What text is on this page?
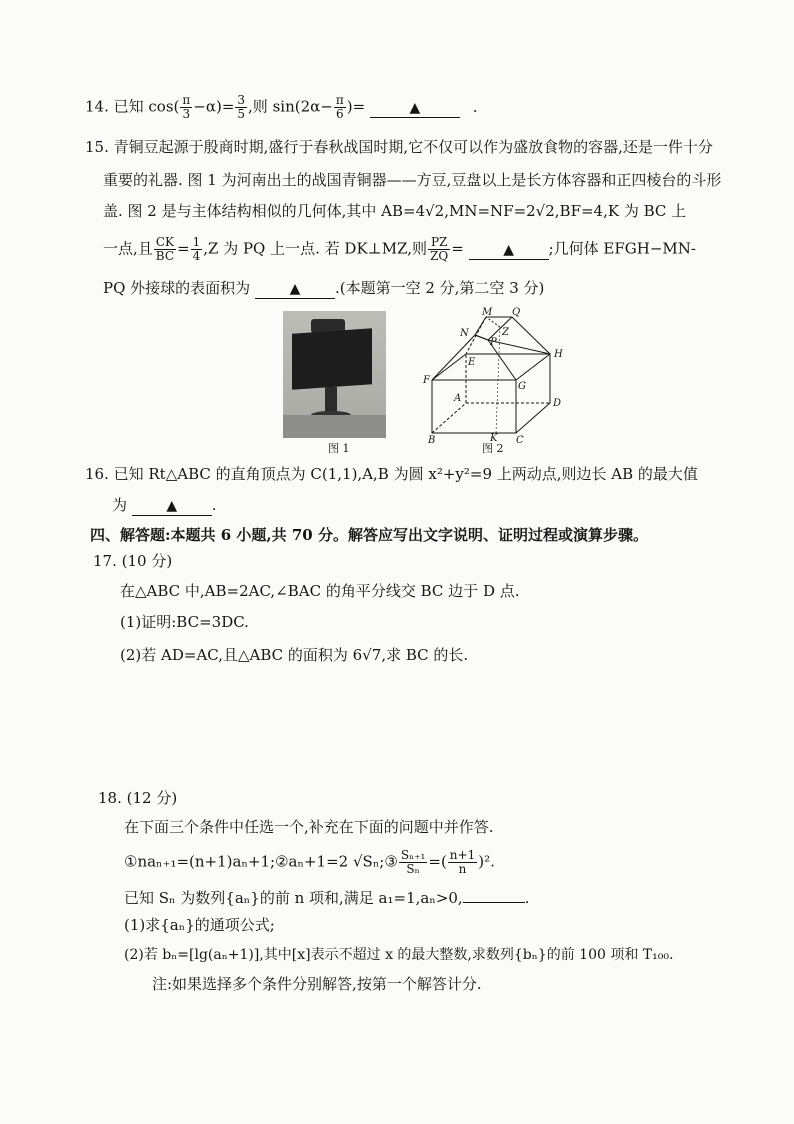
14. 已知 $\cos( \frac{\pi}{3} -\alpha)= \frac{3}{5}$ ,则 $\sin(2\alpha- \frac{\pi}{6}$ )=	▲	.
15. 青铜豆起源于殷商时期,盛行于春秋战国时期,它不仅可以作为盛放食物的容器,还是一件十分
重要的礼器. 图 1 为河南出土的战国青铜器——方豆,豆盘以上是长方体容器和正四棱台的斗形
盖. 图 2 是与主体结构相似的几何体,其中 AB=4√2,MN=NF=2√2,BF=4,K 为 BC 上
一点,且 $\frac{CK}{BC} = \frac{1}{4} ,Z$ 为 PQ 上一点. 若 DK⊥MZ,则 $\frac{PZ}{ZQ}$ =	▲ ;几何体 EFGH−MN-
PQ 外接球的表面积为	▲ .(本题第一空 2 分,第二空 3 分)
图 1
M Q
N
P
Z
H
E
F
G
A	D
B	K C
图 2
16. 已知 Rt△ABC 的直角顶点为 C(1,1),A,B 为圆 x²+y²=9 上两动点,则边长 AB 的最大值
为	▲ .
四、解答题:本题共 6 小题,共 70 分。解答应写出文字说明、证明过程或演算步骤。
17. (10 分)
在△ABC 中,AB=2AC,∠BAC 的角平分线交 BC 边于 D 点.
(1)证明:BC=3DC.
(2)若 AD=AC,且△ABC 的面积为 6√7,求 BC 的长.
18. (12 分)
在下面三个条件中任选一个,补充在下面的问题中并作答.
①naₙ₊₁=(n+1)aₙ+1;②aₙ+1=2 √Sₙ;③ $\frac{\text{Sₙ₊₁}}{\text{Sₙ}}$ =( $\frac{n+1}{n} )^2$.
已知 Sₙ 为数列{aₙ}的前 n 项和,满足 a₁=1,aₙ>0,	.
(1)求{aₙ}的通项公式;
(2)若 bₙ=[lg(aₙ+1)],其中[x]表示不超过 x 的最大整数,求数列{bₙ}的前 100 项和 T₁₀₀.
注:如果选择多个条件分别解答,按第一个解答计分.
